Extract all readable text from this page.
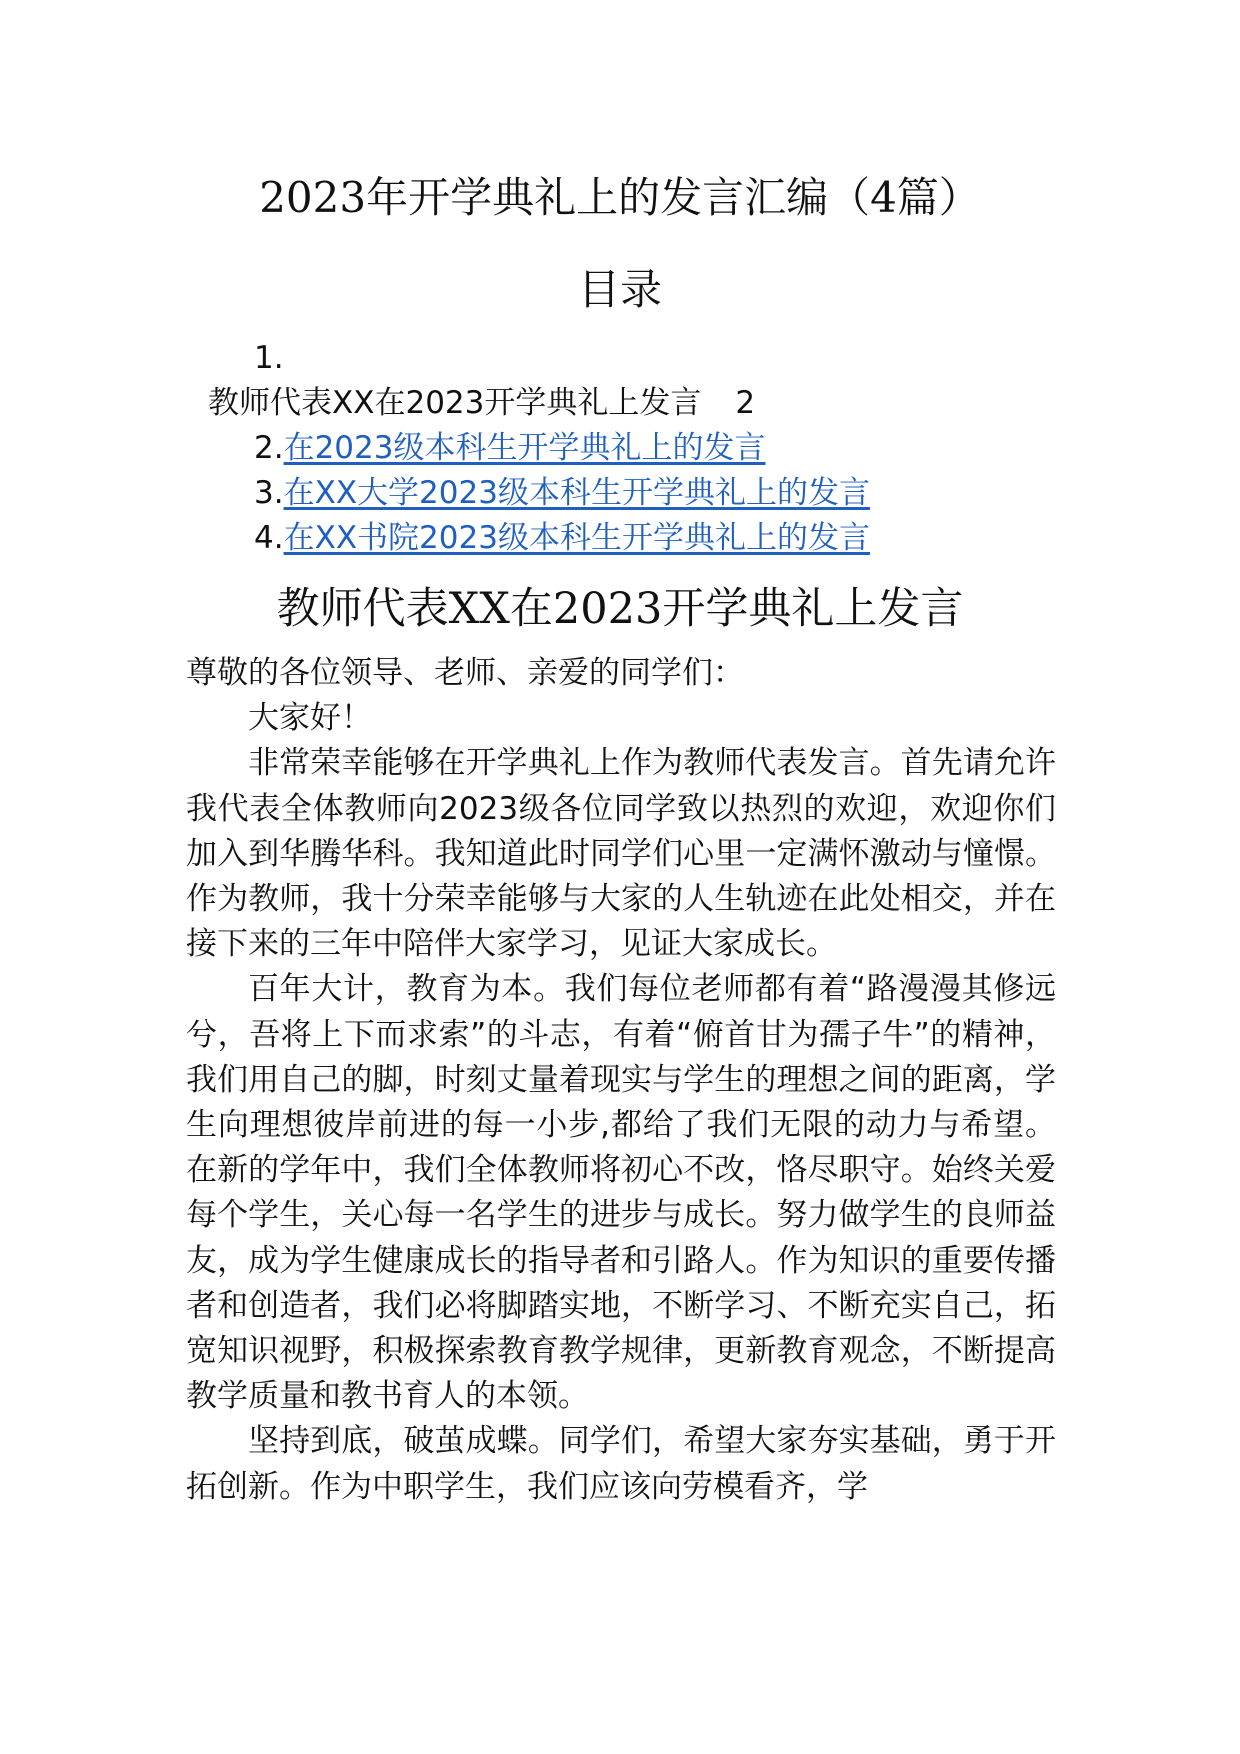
2023年开学典礼上的发言汇编（4篇）
目录
1.
教师代表XX在2023开学典礼上发言 2
2.在2023级本科生开学典礼上的发言
3.在XX大学2023级本科生开学典礼上的发言
4.在XX书院2023级本科生开学典礼上的发言
教师代表XX在2023开学典礼上发言

尊敬的各位领导、老师、亲爱的同学们：

大家好！

非常荣幸能够在开学典礼上作为教师代表发言。首先请允许我代表全体教师向2023级各位同学致以热烈的欢迎，欢迎你们加入到华腾华科。我知道此时同学们心里一定满怀激动与憧憬。作为教师，我十分荣幸能够与大家的人生轨迹在此处相交，并在接下来的三年中陪伴大家学习，见证大家成长。

百年大计，教育为本。我们每位老师都有着“路漫漫其修远兮，吾将上下而求索”的斗志，有着“俯首甘为孺子牛”的精神，我们用自己的脚，时刻丈量着现实与学生的理想之间的距离，学生向理想彼岸前进的每一小步,都给了我们无限的动力与希望。在新的学年中，我们全体教师将初心不改，恪尽职守。始终关爱每个学生，关心每一名学生的进步与成长。努力做学生的良师益友，成为学生健康成长的指导者和引路人。作为知识的重要传播者和创造者，我们必将脚踏实地，不断学习、不断充实自己，拓宽知识视野，积极探索教育教学规律，更新教育观念，不断提高教学质量和教书育人的本领。

坚持到底，破茧成蝶。同学们，希望大家夯实基础，勇于开拓创新。作为中职学生，我们应该向劳模看齐，学
